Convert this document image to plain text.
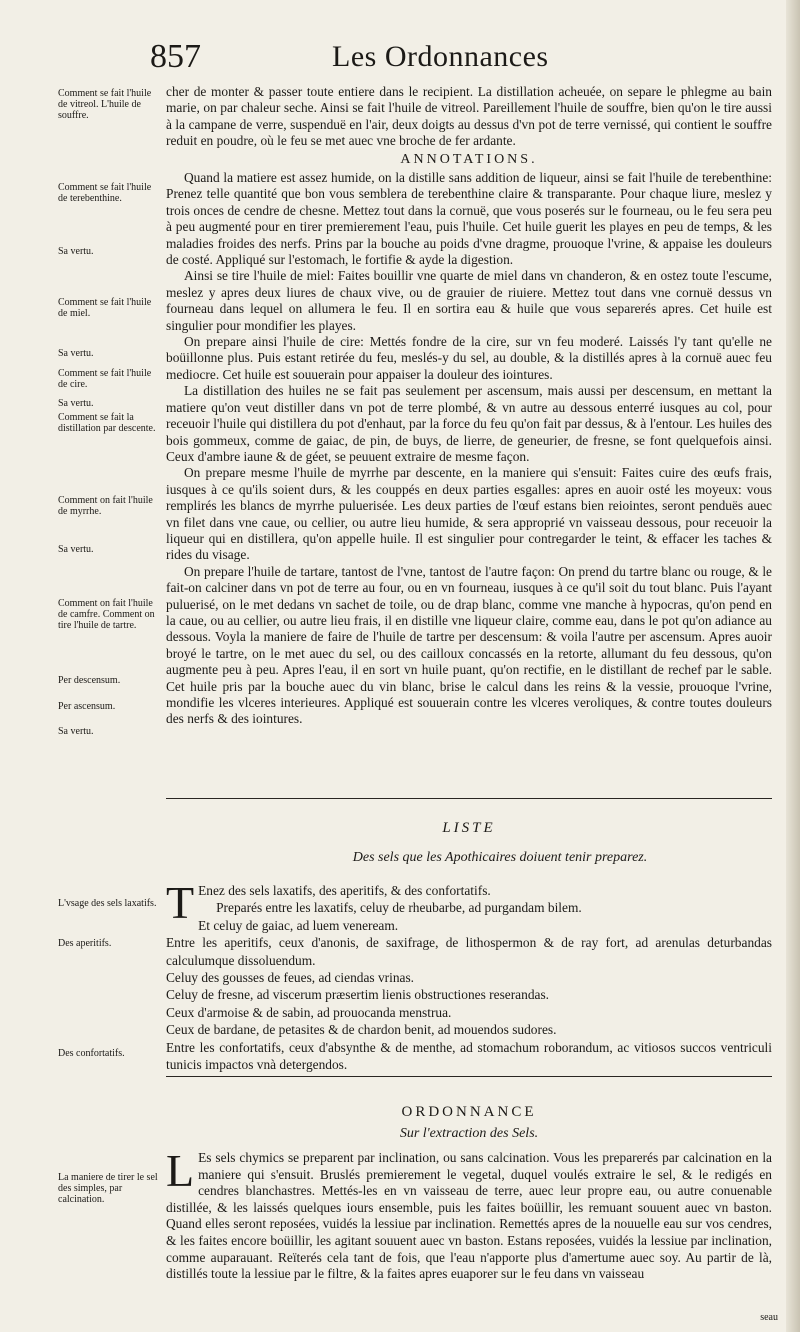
857	Les Ordonnances
Comment se fait l'huile de vitreol. L'huile de souffre.

cher de monter & passer toute entiere dans le recipient. La distillation acheuée, on separe le phlegme au bain marie, on par chaleur seche. Ainsi se fait l'huile de vitreol. Pareillement l'huile de souffre, bien qu'on le tire aussi à la campane de verre, suspenduë en l'air, deux doigts au dessus d'vn pot de terre vernissé, qui contient le souffre reduit en poudre, où le feu se met auec vne broche de fer ardante.

ANNOTATIONS.
Comment se fait l'huile de terebenthine.
Sa vertu.
Comment se fait l'huile de miel.
Sa vertu.
Comment se fait l'huile de cire.
Sa vertu.
Comment se fait la distillation par descente.
Comment on fait l'huile de myrrhe.
Sa vertu.
Comment on fait l'huile de camfre. Comment on tire l'huile de tartre.
Per descensum.
Per ascensum.
Sa vertu.

Quand la matiere est assez humide, on la distille sans addition de liqueur, ainsi se fait l'huile de terebenthine: Prenez telle quantité que bon vous semblera de terebenthine claire & transparante. Pour chaque liure, meslez y trois onces de cendre de chesne. Mettez tout dans la cornuë, que vous poserés sur le fourneau, ou le feu sera peu à peu augmenté pour en tirer premierement l'eau, puis l'huile. Cet huile guerit les playes en peu de temps, & les maladies froides des nerfs. Prins par la bouche au poids d'vne dragme, prouoque l'vrine, & appaise les douleurs de costé. Appliqué sur l'estomach, le fortifie & ayde la digestion.

Ainsi se tire l'huile de miel: Faites bouillir vne quarte de miel dans vn chanderon, & en ostez toute l'escume, meslez y apres deux liures de chaux vive, ou de grauier de riuiere. Mettez tout dans vne cornuë dessus vn fourneau dans lequel on allumera le feu. Il en sortira eau & huile que vous separerés apres. Cet huile est singulier pour mondifier les playes.

On prepare ainsi l'huile de cire: Mettés fondre de la cire, sur vn feu moderé. Laissés l'y tant qu'elle ne boüillonne plus. Puis estant retirée du feu, meslés-y du sel, au double, & la distillés apres à la cornuë auec feu mediocre. Cet huile est souuerain pour appaiser la douleur des iointures.

La distillation des huiles ne se fait pas seulement per ascensum, mais aussi per descensum, en mettant la matiere qu'on veut distiller dans vn pot de terre plombé, & vn autre au dessous enterré iusques au col, pour receuoir l'huile qui distillera du pot d'enhaut, par la force du feu qu'on fait par dessus, & à l'entour. Les huiles des bois gommeux, comme de gaiac, de pin, de buys, de lierre, de geneurier, de fresne, se font quelquefois ainsi. Ceux d'ambre iaune & de géet, se peuuent extraire de mesme façon.

On prepare mesme l'huile de myrrhe par descente, en la maniere qui s'ensuit: Faites cuire des œufs frais, iusques à ce qu'ils soient durs, & les couppés en deux parties esgalles: apres en auoir osté les moyeux: vous remplirés les blancs de myrrhe puluerisée. Les deux parties de l'œuf estans bien reiointes, seront penduës auec vn filet dans vne caue, ou cellier, ou autre lieu humide, & sera approprié vn vaisseau dessous, pour receuoir la liqueur qui en distillera, qu'on appelle huile. Il est singulier pour contregarder le teint, & effacer les taches & rides du visage.

On prepare l'huile de tartare, tantost de l'vne, tantost de l'autre façon: On prend du tartre blanc ou rouge, & le fait-on calciner dans vn pot de terre au four, ou en vn fourneau, iusques à ce qu'il soit du tout blanc. Puis l'ayant puluerisé, on le met dedans vn sachet de toile, ou de drap blanc, comme vne manche à hypocras, qu'on pend en la caue, ou au cellier, ou autre lieu frais, il en distille vne liqueur claire, comme eau, dans le pot qu'on adiance au dessous. Voyla la maniere de faire de l'huile de tartre per descensum: & voila l'autre per ascensum. Apres auoir broyé le tartre, on le met auec du sel, ou des cailloux concassés en la retorte, allumant du feu dessous, qu'on augmente peu à peu. Apres l'eau, il en sort vn huile puant, qu'on rectifie, en le distillant de rechef par le sable. Cet huile pris par la bouche auec du vin blanc, brise le calcul dans les reins & la vessie, prouoque l'vrine, mondifie les vlceres interieures. Appliqué est souuerain contre les vlceres veroliques, & contre toutes douleurs des nerfs & des iointures.

LISTE
Des sels que les Apothicaires doiuent tenir preparez.
L'vsage des sels laxatifs.
Des aperitifs.
Des confortatifs.
T Enez des sels laxatifs, des aperitifs, & des confortatifs.

Preparés entre les laxatifs, celuy de rheubarbe, ad purgandam bilem.

Et celuy de gaiac, ad luem veneream.

Entre les aperitifs, ceux d'anonis, de saxifrage, de lithospermon & de ray fort, ad arenulas deturbandas calculumque dissoluendum.

Celuy des gousses de feues, ad ciendas vrinas.

Celuy de fresne, ad viscerum præsertim lienis obstructiones reserandas.

Ceux d'armoise & de sabin, ad prouocanda menstrua.

Ceux de bardane, de petasites & de chardon benit, ad mouendos sudores.

Entre les confortatifs, ceux d'absynthe & de menthe, ad stomachum roborandum, ac vitiosos succos ventriculi tunicis impactos vnà detergendos.

ORDONNANCE
Sur l'extraction des Sels.
La maniere de tirer le sel des simples, par calcination.
L Es sels chymics se preparent par inclination, ou sans calcination. Vous les preparerés par calcination en la maniere qui s'ensuit. Bruslés premierement le vegetal, duquel voulés extraire le sel, & le redigés en cendres blanchastres. Mettés-les en vn vaisseau de terre, auec leur propre eau, ou autre conuenable distillée, & les laissés quelques iours ensemble, puis les faites boüillir, les remuant souuent auec vn baston. Quand elles seront reposées, vuidés la lessiue par inclination. Remettés apres de la nouuelle eau sur vos cendres, & les faites encore boüillir, les agitant souuent auec vn baston. Estans reposées, vuidés la lessiue par inclination, comme auparauant. Reïterés cela tant de fois, que l'eau n'apporte plus d'amertume auec soy. Au partir de là, distillés toute la lessiue par le filtre, & la faites apres euaporer sur le feu dans vn vaisseau

seau
